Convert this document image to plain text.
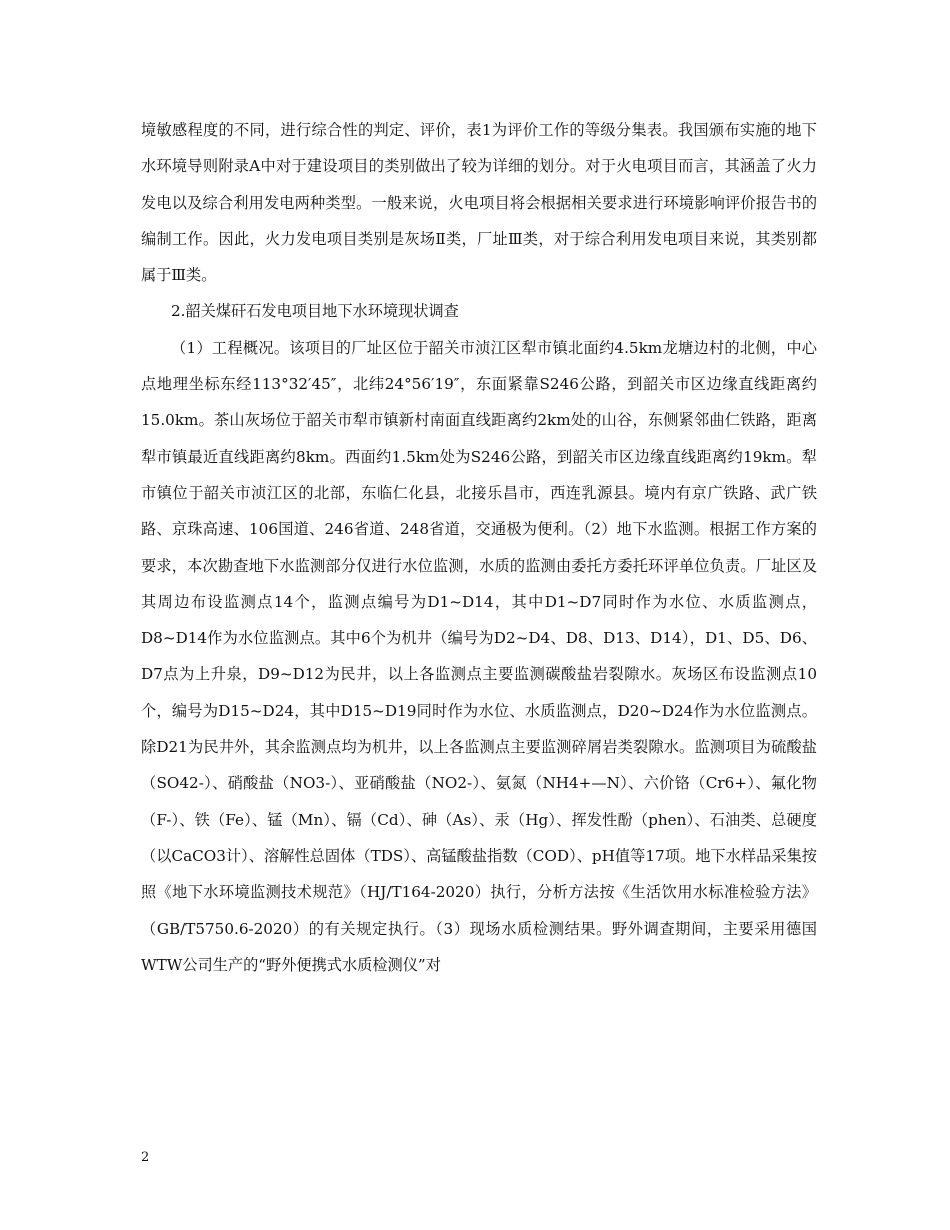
境敏感程度的不同，进行综合性的判定、评价，表1为评价工作的等级分集表。我国颁布实施的地下水环境导则附录A中对于建设项目的类别做出了较为详细的划分。对于火电项目而言，其涵盖了火力发电以及综合利用发电两种类型。一般来说，火电项目将会根据相关要求进行环境影响评价报告书的编制工作。因此，火力发电项目类别是灰场Ⅱ类，厂址Ⅲ类，对于综合利用发电项目来说，其类别都属于Ⅲ类。

2.韶关煤矸石发电项目地下水环境现状调查

（1）工程概况。该项目的厂址区位于韶关市浈江区犁市镇北面约4.5km龙塘边村的北侧，中心点地理坐标东经113°32′45″，北纬24°56′19″，东面紧靠S246公路，到韶关市区边缘直线距离约15.0km。茶山灰场位于韶关市犁市镇新村南面直线距离约2km处的山谷，东侧紧邻曲仁铁路，距离犁市镇最近直线距离约8km。西面约1.5km处为S246公路，到韶关市区边缘直线距离约19km。犁市镇位于韶关市浈江区的北部，东临仁化县，北接乐昌市，西连乳源县。境内有京广铁路、武广铁路、京珠高速、106国道、246省道、248省道，交通极为便利。（2）地下水监测。根据工作方案的要求，本次勘查地下水监测部分仅进行水位监测，水质的监测由委托方委托环评单位负责。厂址区及其周边布设监测点14个，监测点编号为D1~D14，其中D1~D7同时作为水位、水质监测点，D8~D14作为水位监测点。其中6个为机井（编号为D2~D4、D8、D13、D14），D1、D5、D6、D7点为上升泉，D9~D12为民井，以上各监测点主要监测碳酸盐岩裂隙水。灰场区布设监测点10个，编号为D15~D24，其中D15~D19同时作为水位、水质监测点，D20~D24作为水位监测点。除D21为民井外，其余监测点均为机井，以上各监测点主要监测碎屑岩类裂隙水。监测项目为硫酸盐（SO42-）、硝酸盐（NO3-）、亚硝酸盐（NO2-）、氨氮（NH4+—N）、六价铬（Cr6+）、氟化物（F-）、铁（Fe）、锰（Mn）、镉（Cd）、砷（As）、汞（Hg）、挥发性酚（phen）、石油类、总硬度（以CaCO3计）、溶解性总固体（TDS）、高锰酸盐指数（COD）、pH值等17项。地下水样品采集按照《地下水环境监测技术规范》（HJ/T164-2020）执行，分析方法按《生活饮用水标准检验方法》（GB/T5750.6-2020）的有关规定执行。（3）现场水质检测结果。野外调查期间，主要采用德国WTW公司生产的“野外便携式水质检测仪”对

2
